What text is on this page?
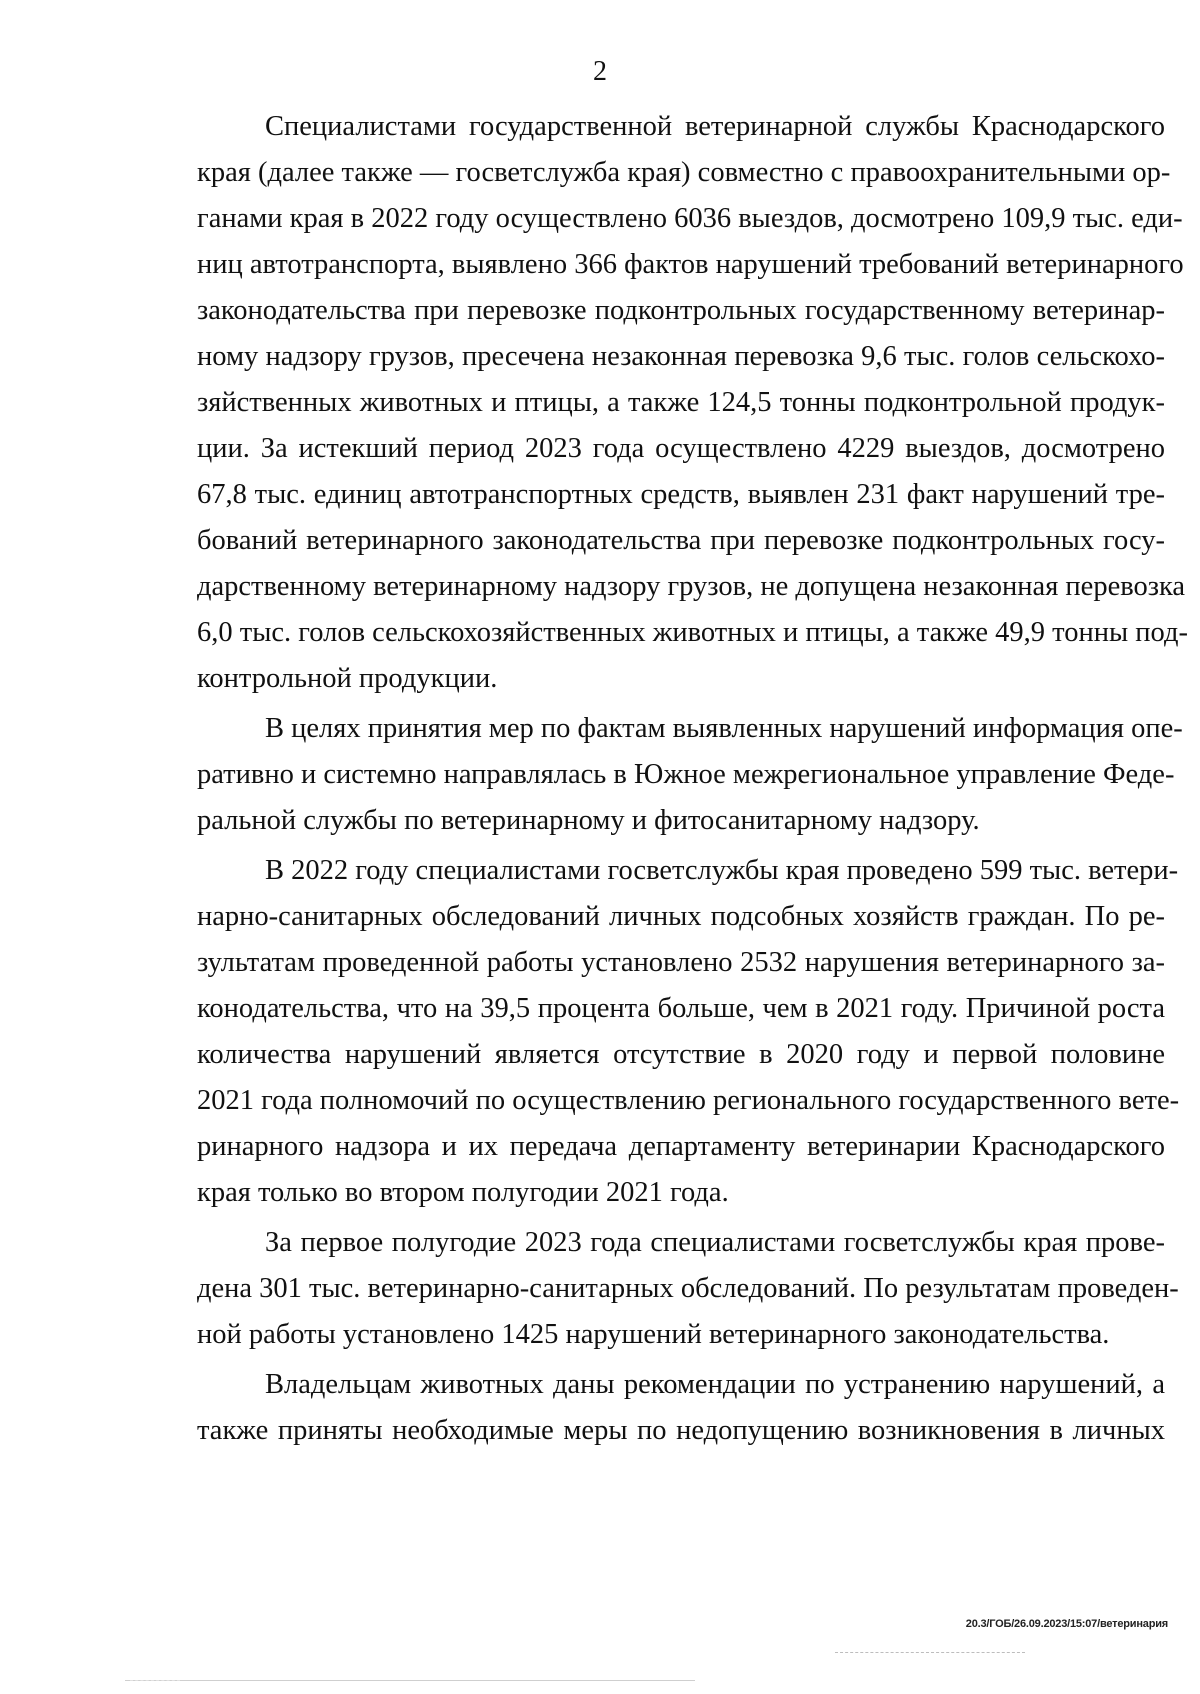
2

Специалистами государственной ветеринарной службы Краснодарского
края (далее также — госветслужба края) совместно с правоохранительными ор-
ганами края в 2022 году осуществлено 6036 выездов, досмотрено 109,9 тыс. еди-
ниц автотранспорта, выявлено 366 фактов нарушений требований ветеринарного
законодательства при перевозке подконтрольных государственному ветеринар-
ному надзору грузов, пресечена незаконная перевозка 9,6 тыс. голов сельскохо-
зяйственных животных и птицы, а также 124,5 тонны подконтрольной продук-
ции. За истекший период 2023 года осуществлено 4229 выездов, досмотрено
67,8 тыс. единиц автотранспортных средств, выявлен 231 факт нарушений тре-
бований ветеринарного законодательства при перевозке подконтрольных госу-
дарственному ветеринарному надзору грузов, не допущена незаконная перевозка
6,0 тыс. голов сельскохозяйственных животных и птицы, а также 49,9 тонны под-
контрольной продукции.

В целях принятия мер по фактам выявленных нарушений информация опе-
ративно и системно направлялась в Южное межрегиональное управление Феде-
ральной службы по ветеринарному и фитосанитарному надзору.

В 2022 году специалистами госветслужбы края проведено 599 тыс. ветери-
нарно-санитарных обследований личных подсобных хозяйств граждан. По ре-
зультатам проведенной работы установлено 2532 нарушения ветеринарного за-
конодательства, что на 39,5 процента больше, чем в 2021 году. Причиной роста
количества нарушений является отсутствие в 2020 году и первой половине
2021 года полномочий по осуществлению регионального государственного вете-
ринарного надзора и их передача департаменту ветеринарии Краснодарского
края только во втором полугодии 2021 года.

За первое полугодие 2023 года специалистами госветслужбы края прове-
дена 301 тыс. ветеринарно-санитарных обследований. По результатам проведен-
ной работы установлено 1425 нарушений ветеринарного законодательства.

Владельцам животных даны рекомендации по устранению нарушений, а
также приняты необходимые меры по недопущению возникновения в личных

20.3/ГОБ/26.09.2023/15:07/ветеринария
